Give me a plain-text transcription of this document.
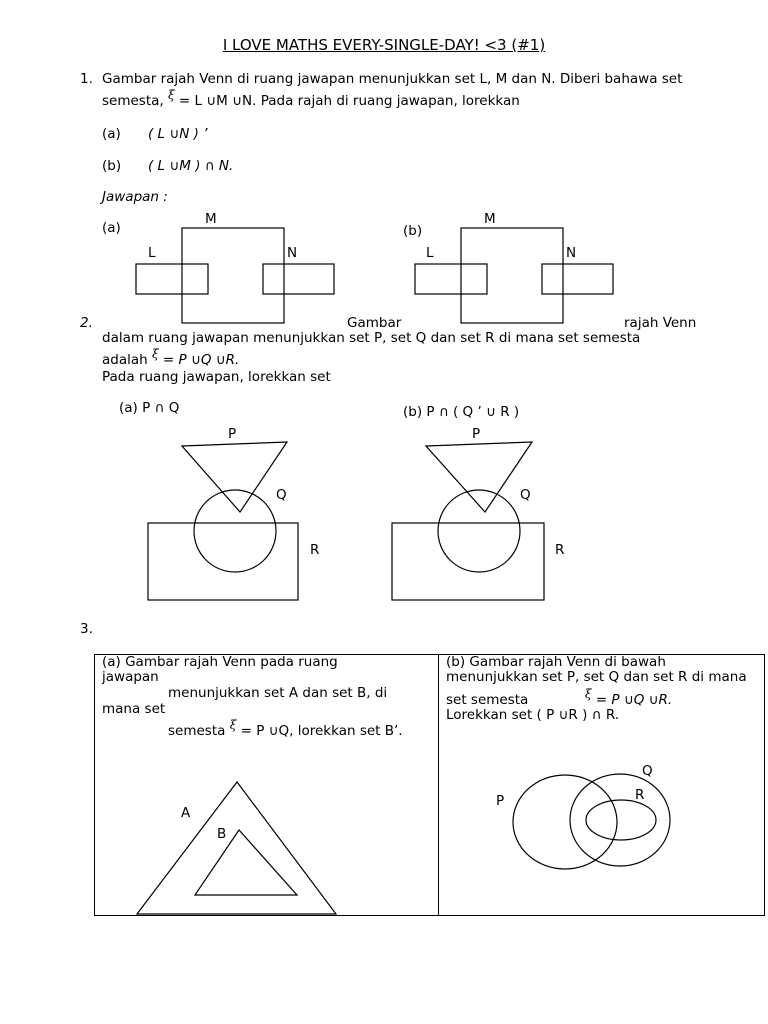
I LOVE MATHS EVERY-SINGLE-DAY! <3 (#1)
1. Gambar rajah Venn di ruang jawapan menunjukkan set L, M dan N. Diberi bahawa set
semesta, ξ = L ∪M ∪N. Pada rajah di ruang jawapan, lorekkan
(a) ( L ∪N ) ’
(b) ( L ∪M ) ∩ N.
Jawapan :
(a)
M
L	N
(b)
M
L	N
2.	Gambar	rajah Venn
dalam ruang jawapan menunjukkan set P, set Q dan set R di mana set semesta
adalah ξ = P ∪Q ∪R.
Pada ruang jawapan, lorekkan set
(a) P ∩ Q	(b) P ∩ ( Q ’ ∪ R )
P
Q
R
P
Q
R
3.
(a) Gambar rajah Venn pada ruang
jawapan
menunjukkan set A dan set B, di
mana set
semesta ξ = P ∪Q, lorekkan set B’.
(b) Gambar rajah Venn di bawah
menunjukkan set P, set Q dan set R di mana
set semesta	ξ = P ∪Q ∪R.
Lorekkan set ( P ∪R ) ∩ R.
A
B
P
Q
R
